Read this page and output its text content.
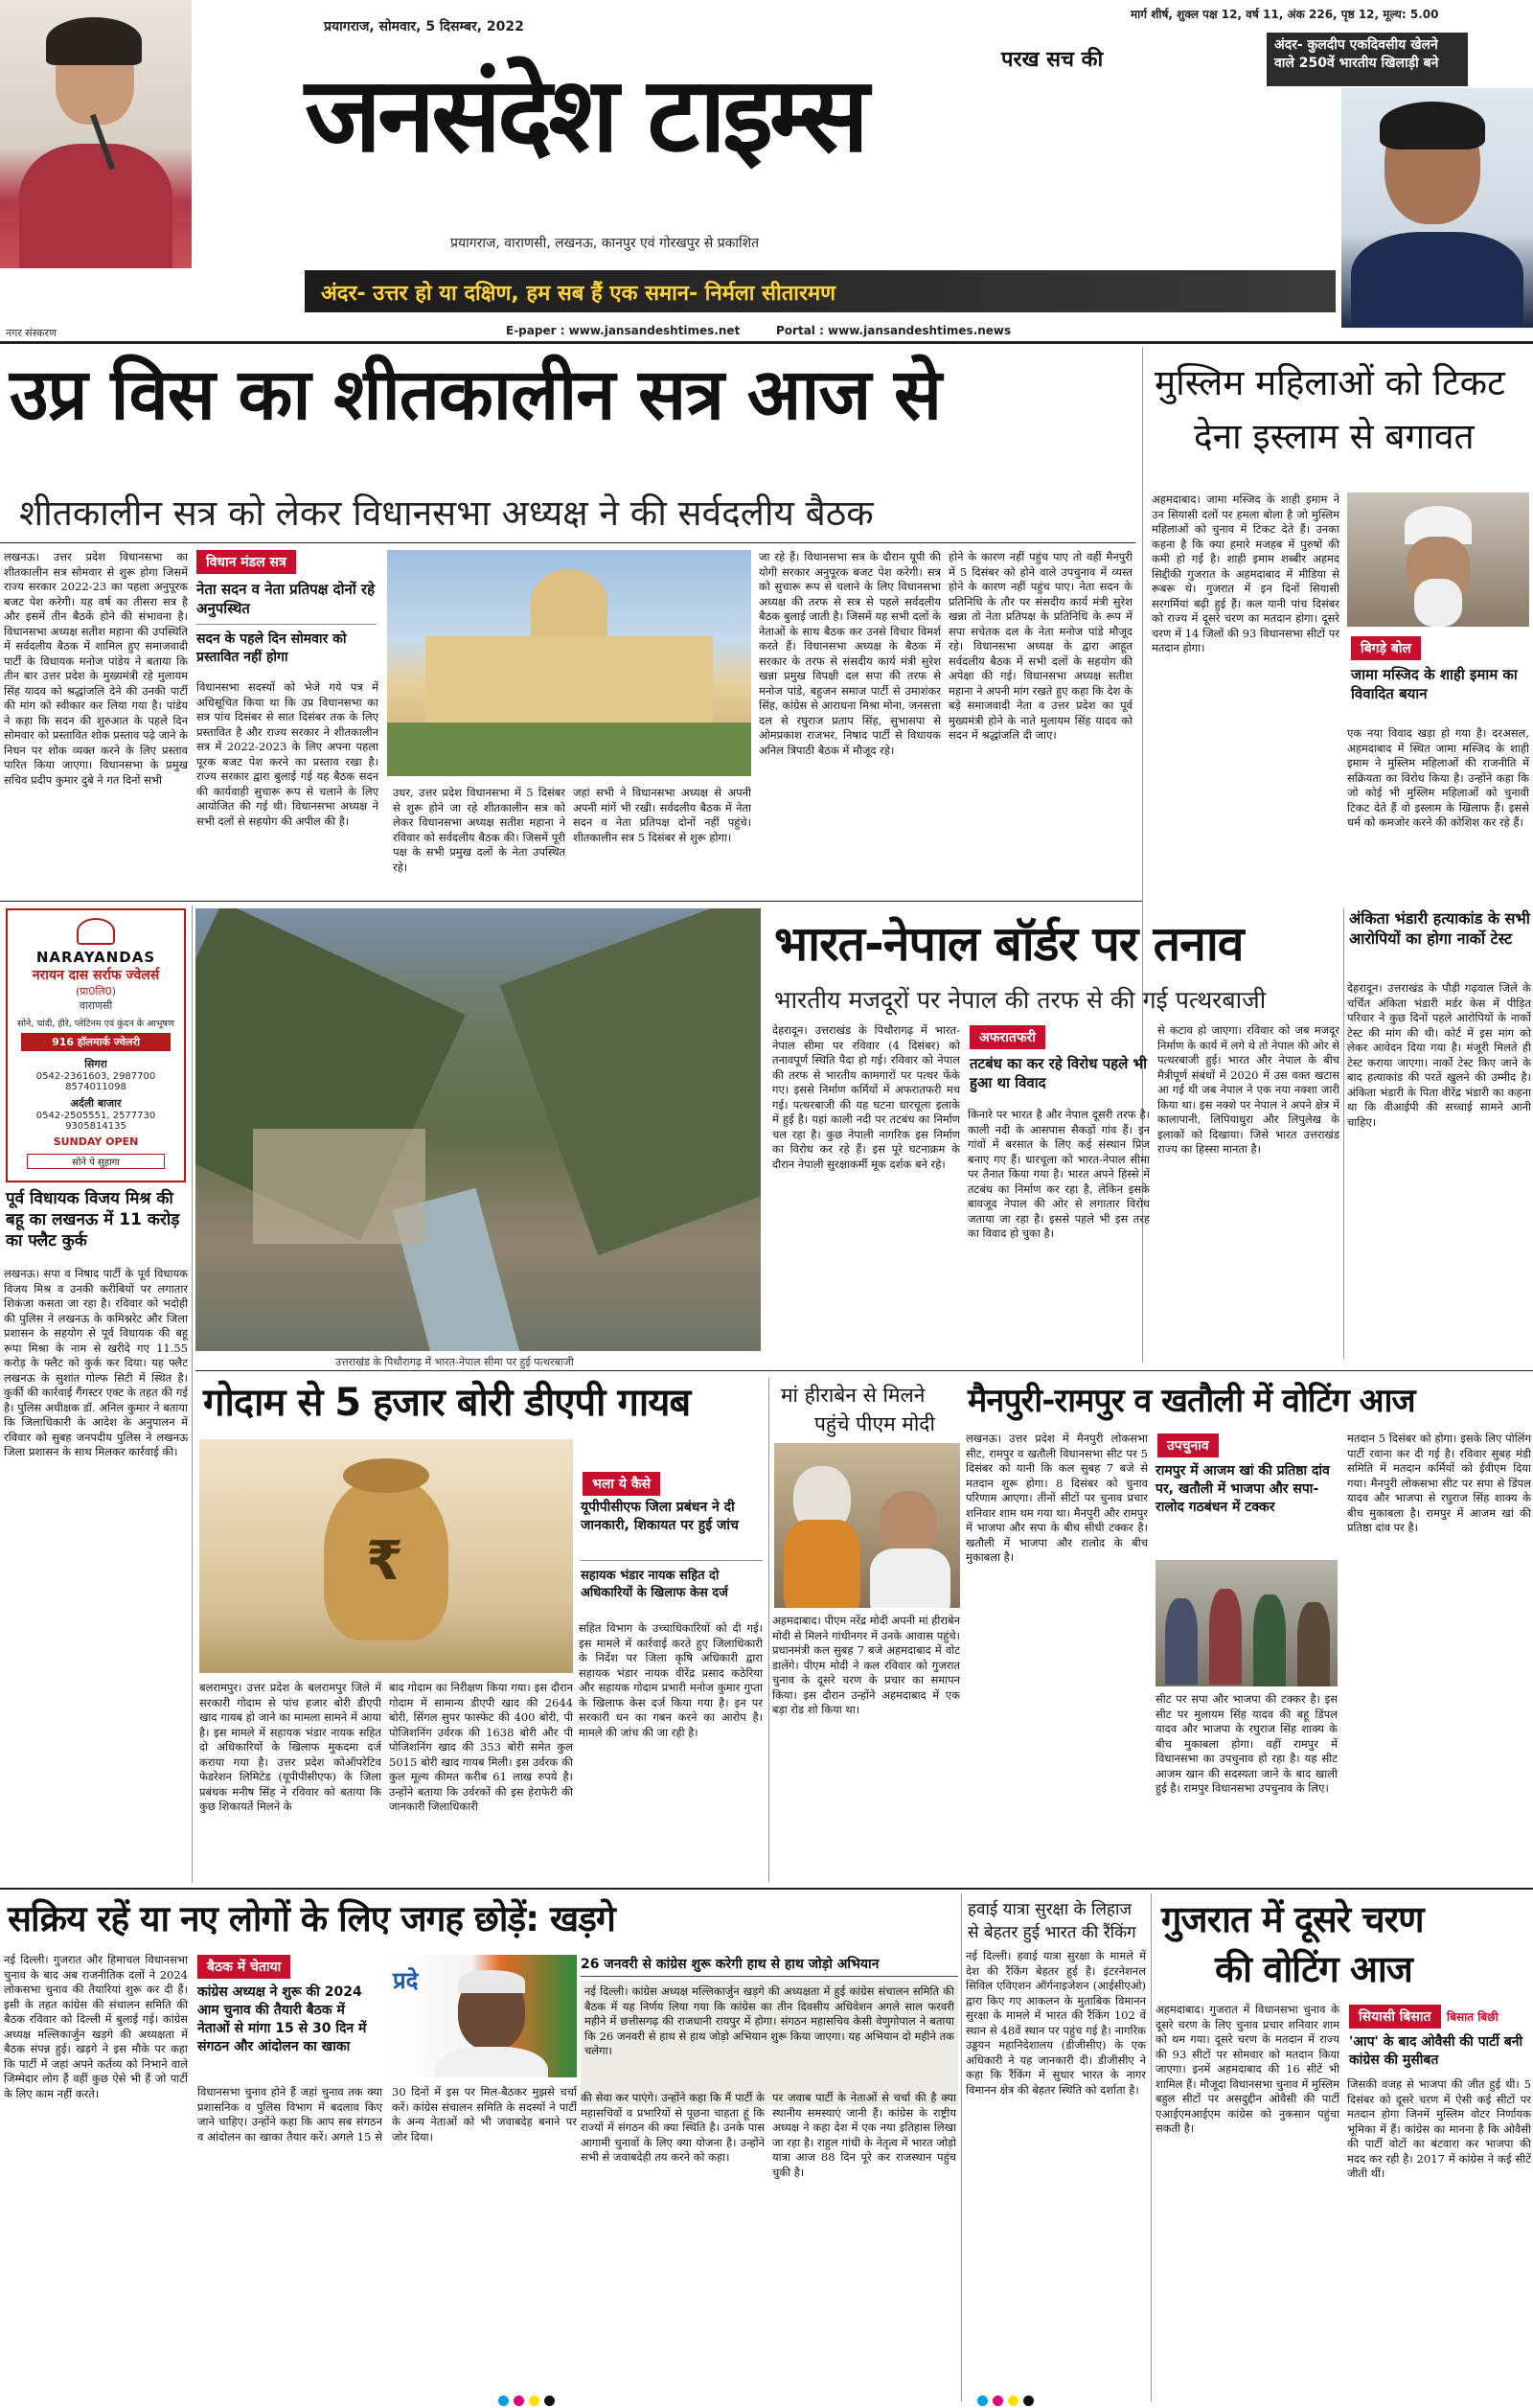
प्रयागराज, सोमवार, 5 दिसम्बर, 2022
मार्ग शीर्ष, शुक्ल पक्ष 12, वर्ष 11, अंक 226, पृष्ठ 12, मूल्य: 5.00
परख सच की
जनसंदेश टाइम्स
अंदर- कुलदीप एकदिवसीय खेलने वाले 250वें भारतीय खिलाड़ी बने
प्रयागराज, वाराणसी, लखनऊ, कानपुर एवं गोरखपुर से प्रकाशित
अंदर- उत्तर हो या दक्षिण, हम सब हैं एक समान- निर्मला सीतारमण
नगर संस्करण	E-paper : www.jansandeshtimes.net	Portal : www.jansandeshtimes.news
उप्र विस का शीतकालीन सत्र आज से
शीतकालीन सत्र को लेकर विधानसभा अध्यक्ष ने की सर्वदलीय बैठक
लखनऊ। उत्तर प्रदेश विधानसभा का शीतकालीन सत्र सोमवार से शुरू होगा जिसमें राज्य सरकार 2022-23 का पहला अनुपूरक बजट पेश करेगी। यह वर्ष का तीसरा सत्र है और इसमें तीन बैठकें होने की संभावना है। विधानसभा अध्यक्ष सतीश महाना की उपस्थिति में सर्वदलीय बैठक में शामिल हुए समाजवादी पार्टी के विधायक मनोज पांडेय ने बताया कि तीन बार उत्तर प्रदेश के मुख्यमंत्री रहे मुलायम सिंह यादव को श्रद्धांजलि देने की उनकी पार्टी की मांग को स्वीकार कर लिया गया है। पांडेय ने कहा कि सदन की शुरुआत के पहले दिन सोमवार को प्रस्तावित शोक प्रस्ताव पढ़े जाने के निधन पर शोक व्यक्त करने के लिए प्रस्ताव पारित किया जाएगा। विधानसभा के प्रमुख सचिव प्रदीप कुमार दुबे ने गत दिनों सभी
विधान मंडल सत्र
नेता सदन व नेता प्रतिपक्ष दोनों रहे अनुपस्थित
सदन के पहले दिन सोमवार को प्रस्तावित नहीं होगा
विधानसभा सदस्यों को भेजे गये पत्र में अधिसूचित किया था कि उप्र विधानसभा का सत्र पांच दिसंबर से सात दिसंबर तक के लिए प्रस्तावित है और राज्य सरकार ने शीतकालीन सत्र में 2022-2023 के लिए अपना पहला पूरक बजट पेश करने का प्रस्ताव रखा है। राज्य सरकार द्वारा बुलाई गई यह बैठक सदन की कार्यवाही सुचारू रूप से चलाने के लिए आयोजित की गई थी। विधानसभा अध्यक्ष ने सभी दलों से सहयोग की अपील की है।
उधर, उत्तर प्रदेश विधानसभा में 5 दिसंबर से शुरू होने जा रहे शीतकालीन सत्र को लेकर विधानसभा अध्यक्ष सतीश महाना ने रविवार को सर्वदलीय बैठक की। जिसमें पूरी पक्ष के सभी प्रमुख दलों के नेता उपस्थित रहे।
जहां सभी ने विधानसभा अध्यक्ष से अपनी अपनी मांगें भी रखी। सर्वदलीय बैठक में नेता सदन व नेता प्रतिपक्ष दोनों नहीं पहुंचे। शीतकालीन सत्र 5 दिसंबर से शुरू होगा।
जा रहे हैं। विधानसभा सत्र के दौरान यूपी की योगी सरकार अनुपूरक बजट पेश करेगी। सत्र को सुचारू रूप से चलाने के लिए विधानसभा अध्यक्ष की तरफ से सत्र से पहले सर्वदलीय बैठक बुलाई जाती है। जिसमें यह सभी दलों के नेताओं के साथ बैठक कर उनसे विचार विमर्श करते हैं। विधानसभा अध्यक्ष के बैठक में सरकार के तरफ से संसदीय कार्य मंत्री सुरेश खन्ना प्रमुख विपक्षी दल सपा की तरफ से मनोज पांडे, बहुजन समाज पार्टी से उमाशंकर सिंह, कांग्रेस से आराधना मिश्रा मोना, जनसत्ता दल से रघुराज प्रताप सिंह, सुभासपा से ओमप्रकाश राजभर, निषाद पार्टी से विधायक अनिल त्रिपाठी बैठक में मौजूद रहे।
होने के कारण नहीं पहुंच पाए तो वहीं मैनपुरी में 5 दिसंबर को होने वाले उपचुनाव में व्यस्त होने के कारण नहीं पहुंच पाए। नेता सदन के प्रतिनिधि के तौर पर संसदीय कार्य मंत्री सुरेश खन्ना तो नेता प्रतिपक्ष के प्रतिनिधि के रूप में सपा सचेतक दल के नेता मनोज पांडे मौजूद रहे। विधानसभा अध्यक्ष के द्वारा आहूत सर्वदलीय बैठक में सभी दलों के सहयोग की अपेक्षा की गई। विधानसभा अध्यक्ष सतीश महाना ने अपनी मांग रखते हुए कहा कि देश के बड़े समाजवादी नेता व उत्तर प्रदेश का पूर्व मुख्यमंत्री होने के नाते मुलायम सिंह यादव को सदन में श्रद्धांजलि दी जाए।
मुस्लिम महिलाओं को टिकट
देना इस्लाम से बगावत
अहमदाबाद। जामा मस्जिद के शाही इमाम ने उन सियासी दलों पर हमला बोला है जो मुस्लिम महिलाओं को चुनाव में टिकट देते हैं। उनका कहना है कि क्या हमारे मजहब में पुरुषों की कमी हो गई है। शाही इमाम शब्बीर अहमद सिद्दीकी गुजरात के अहमदाबाद में मीडिया से रूबरू थे। गुजरात में इन दिनों सियासी सरगर्मियां बढ़ी हुई हैं। कल यानी पांच दिसंबर को राज्य में दूसरे चरण का मतदान होगा। दूसरे चरण में 14 जिलों की 93 विधानसभा सीटों पर मतदान होगा।	बिगड़े बोल
जामा मस्जिद के शाही इमाम का विवादित बयान
एक नया विवाद खड़ा हो गया है। दरअसल, अहमदाबाद में स्थित जामा मस्जिद के शाही इमाम ने मुस्लिम महिलाओं की राजनीति में सक्रियता का विरोध किया है। उन्होंने कहा कि जो कोई भी मुस्लिम महिलाओं को चुनावी टिकट देते हैं वो इस्लाम के खिलाफ हैं। इससे धर्म को कमजोर करने की कोशिश कर रहे हैं।
NARAYANDAS
नरायन दास सर्राफ ज्वेलर्स
(प्रा0लि0)
वाराणसी
सोने, चांदी, हीरे, प्लेटिनम एवं कुंदन के आभूषण
916 हॉलमार्क ज्वेलरी
सिगरा
0542-2361603, 2987700 8574011098
अर्दली बाजार
0542-2505551, 2577730 9305814135
SUNDAY OPEN
सोने पे सुहागा
पूर्व विधायक विजय मिश्र की बहू का लखनऊ में 11 करोड़ का फ्लैट कुर्क
लखनऊ। सपा व निषाद पार्टी के पूर्व विधायक विजय मिश्र व उनकी करीबियों पर लगातार शिकंजा कसता जा रहा है। रविवार को भदोही की पुलिस ने लखनऊ के कमिश्नरेट और जिला प्रशासन के सहयोग से पूर्व विधायक की बहू रूपा मिश्रा के नाम से खरीदे गए 11.55 करोड़ के फ्लैट को कुर्क कर दिया। यह फ्लैट लखनऊ के सुशांत गोल्फ सिटी में स्थित है। कुर्की की कार्रवाई गैंगस्टर एक्ट के तहत की गई है। पुलिस अधीक्षक डॉ. अनिल कुमार ने बताया कि जिलाधिकारी के आदेश के अनुपालन में रविवार को सुबह जनपदीय पुलिस ने लखनऊ जिला प्रशासन के साथ मिलकर कार्रवाई की।
उत्तराखंड के पिथौरागढ़ में भारत-नेपाल सीमा पर हुई पत्थरबाजी
भारत-नेपाल बॉर्डर पर तनाव
भारतीय मजदूरों पर नेपाल की तरफ से की गई पत्थरबाजी
देहरादून। उत्तराखंड के पिथौरागढ़ में भारत-नेपाल सीमा पर रविवार (4 दिसंबर) को तनावपूर्ण स्थिति पैदा हो गई। रविवार को नेपाल की तरफ से भारतीय कामगारों पर पत्थर फेंके गए। इससे निर्माण कर्मियों में अफरातफरी मच गई। पत्थरबाजी की यह घटना धारचूला इलाके में हुई है। यहां काली नदी पर तटबंध का निर्माण चल रहा है। कुछ नेपाली नागरिक इस निर्माण का विरोध कर रहे हैं। इस पूरे घटनाक्रम के दौरान नेपाली सुरक्षाकर्मी मूक दर्शक बने रहे।
अफरातफरी
तटबंध का कर रहे विरोध पहले भी हुआ था विवाद
किनारे पर भारत है और नेपाल दूसरी तरफ है। काली नदी के आसपास सैकड़ों गांव हैं। इन गांवों में बरसात के लिए कई संस्थान प्रिज बनाए गए हैं। धारचूला को भारत-नेपाल सीमा पर तैनात किया गया है। भारत अपने हिस्से में तटबंध का निर्माण कर रहा है, लेकिन इसके बावजूद नेपाल की ओर से लगातार विरोध जताया जा रहा है। इससे पहले भी इस तरह का विवाद हो चुका है।
से कटाव हो जाएगा। रविवार को जब मजदूर निर्माण के कार्य में लगे थे तो नेपाल की ओर से पत्थरबाजी हुई। भारत और नेपाल के बीच मैत्रीपूर्ण संबंधों में 2020 में उस वक्त खटास आ गई थी जब नेपाल ने एक नया नक्शा जारी किया था। इस नक्शे पर नेपाल ने अपने क्षेत्र में कालापानी, लिपियाधुरा और लिपुलेख के इलाकों को दिखाया। जिसे भारत उत्तराखंड राज्य का हिस्सा मानता है।
अंकिता भंडारी हत्याकांड के सभी आरोपियों का होगा नार्को टेस्ट
देहरादून। उत्तराखंड के पौड़ी गढ़वाल जिले के चर्चित अंकिता भंडारी मर्डर केस में पीड़ित परिवार ने कुछ दिनों पहले आरोपियों के नार्को टेस्ट की मांग की थी। कोर्ट में इस मांग को लेकर आवेदन दिया गया है। मंजूरी मिलते ही टेस्ट कराया जाएगा। नार्को टेस्ट किए जाने के बाद हत्याकांड की परतें खुलने की उम्मीद है। अंकिता भंडारी के पिता वीरेंद्र भंडारी का कहना था कि वीआईपी की सच्चाई सामने आनी चाहिए।
गोदाम से 5 हजार बोरी डीएपी गायब
₹
भला ये कैसे
यूपीपीसीएफ जिला प्रबंधन ने दी जानकारी, शिकायत पर हुई जांच
सहायक भंडार नायक सहित दो अधिकारियों के खिलाफ केस दर्ज
बलरामपुर। उत्तर प्रदेश के बलरामपुर जिले में सरकारी गोदाम से पांच हजार बोरी डीएपी खाद गायब हो जाने का मामला सामने में आया है। इस मामले में सहायक भंडार नायक सहित दो अधिकारियों के खिलाफ मुकदमा दर्ज कराया गया है। उत्तर प्रदेश कोऑपरेटिव फेडरेशन लिमिटेड (यूपीपीसीएफ) के जिला प्रबंधक मनीष सिंह ने रविवार को बताया कि कुछ शिकायतें मिलने के
बाद गोदाम का निरीक्षण किया गया। इस दौरान गोदाम में सामान्य डीएपी खाद की 2644 बोरी, सिंगल सुपर फास्फेट की 400 बोरी, पी पोजिशनिंग उर्वरक की 1638 बोरी और पी पोजिशनिंग खाद की 353 बोरी समेत कुल 5015 बोरी खाद गायब मिली। इस उर्वरक की कुल मूल्य कीमत करीब 61 लाख रुपये है। उन्होंने बताया कि उर्वरकों की इस हेराफेरी की जानकारी जिलाधिकारी
सहित विभाग के उच्चाधिकारियों को दी गई। इस मामले में कार्रवाई करते हुए जिलाधिकारी के निर्देश पर जिला कृषि अधिकारी द्वारा सहायक भंडार नायक वीरेंद्र प्रसाद कठेरिया और सहायक गोदाम प्रभारी मनोज कुमार गुप्ता के खिलाफ केस दर्ज किया गया है। इन पर सरकारी धन का गबन करने का आरोप है। मामले की जांच की जा रही है।
मां हीराबेन से मिलने
पहुंचे पीएम मोदी
अहमदाबाद। पीएम नरेंद्र मोदी अपनी मां हीराबेन मोदी से मिलने गांधीनगर में उनके आवास पहुंचे। प्रधानमंत्री कल सुबह 7 बजे अहमदाबाद में वोट डालेंगे। पीएम मोदी ने कल रविवार को गुजरात चुनाव के दूसरे चरण के प्रचार का समापन किया। इस दौरान उन्होंने अहमदाबाद में एक बड़ा रोड शो किया था।
मैनपुरी-रामपुर व खतौली में वोटिंग आज
लखनऊ। उत्तर प्रदेश में मैनपुरी लोकसभा सीट, रामपुर व खतौली विधानसभा सीट पर 5 दिसंबर को यानी कि कल सुबह 7 बजे से मतदान शुरू होगा। 8 दिसंबर को चुनाव परिणाम आएगा। तीनों सीटों पर चुनाव प्रचार शनिवार शाम थम गया था। मैनपुरी और रामपुर में भाजपा और सपा के बीच सीधी टक्कर है। खतौली में भाजपा और रालोद के बीच मुकाबला है।
उपचुनाव
रामपुर में आजम खां की प्रतिष्ठा दांव पर, खतौली में भाजपा और सपा-रालोद गठबंधन में टक्कर
सीट पर सपा और भाजपा की टक्कर है। इस सीट पर मुलायम सिंह यादव की बहू डिंपल यादव और भाजपा के रघुराज सिंह शाक्य के बीच मुकाबला होगा। वहीं रामपुर में विधानसभा का उपचुनाव हो रहा है। यह सीट आजम खान की सदस्यता जाने के बाद खाली हुई है। रामपुर विधानसभा उपचुनाव के लिए।
मतदान 5 दिसंबर को होगा। इसके लिए पोलिंग पार्टी रवाना कर दी गई है। रविवार सुबह मंडी समिति में मतदान कर्मियों को ईवीएम दिया गया। मैनपुरी लोकसभा सीट पर सपा से डिंपल यादव और भाजपा से रघुराज सिंह शाक्य के बीच मुकाबला है। रामपुर में आजम खां की प्रतिष्ठा दांव पर है।
सक्रिय रहें या नए लोगों के लिए जगह छोड़ें: खड़गे
नई दिल्ली। गुजरात और हिमाचल विधानसभा चुनाव के बाद अब राजनीतिक दलों ने 2024 लोकसभा चुनाव की तैयारियां शुरू कर दी हैं। इसी के तहत कांग्रेस की संचालन समिति की बैठक रविवार को दिल्ली में बुलाई गई। कांग्रेस अध्यक्ष मल्लिकार्जुन खड़गे की अध्यक्षता में बैठक संपन्न हुई। खड़गे ने इस मौके पर कहा कि पार्टी में जहां अपने कर्तव्य को निभाने वाले जिम्मेदार लोग हैं वहीं कुछ ऐसे भी हैं जो पार्टी के लिए काम नहीं करते।
बैठक में चेताया
कांग्रेस अध्यक्ष ने शुरू की 2024 आम चुनाव की तैयारी बैठक में नेताओं से मांगा 15 से 30 दिन में संगठन और आंदोलन का खाका
प्रदे
विधानसभा चुनाव होने हैं जहां चुनाव तक क्या प्रशासनिक व पुलिस विभाग में बदलाव किए जाने चाहिए। उन्होंने कहा कि आप सब संगठन व आंदोलन का खाका तैयार करें। अगले 15 से 30 दिनों में इस पर मिल-बैठकर मुझसे चर्चा करें। कांग्रेस संचालन समिति के सदस्यों ने पार्टी के अन्य नेताओं को भी जवाबदेह बनाने पर जोर दिया।
26 जनवरी से कांग्रेस शुरू करेगी हाथ से हाथ जोड़ो अभियान
नई दिल्ली। कांग्रेस अध्यक्ष मल्लिकार्जुन खड़गे की अध्यक्षता में हुई कांग्रेस संचालन समिति की बैठक में यह निर्णय लिया गया कि कांग्रेस का तीन दिवसीय अधिवेशन अगले साल फरवरी महीने में छत्तीसगढ़ की राजधानी रायपुर में होगा। संगठन महासचिव केसी वेणुगोपाल ने बताया कि 26 जनवरी से हाथ से हाथ जोड़ो अभियान शुरू किया जाएगा। यह अभियान दो महीने तक चलेगा।
की सेवा कर पाएंगे। उन्होंने कहा कि मैं पार्टी के महासचिवों व प्रभारियों से पूछना चाहता हूं कि राज्यों में संगठन की क्या स्थिति है। उनके पास आगामी चुनावों के लिए क्या योजना है। उन्होंने सभी से जवाबदेही तय करने को कहा।
पर जवाब पार्टी के नेताओं से चर्चा की है क्या स्थानीय समस्याएं जानी हैं। कांग्रेस के राष्ट्रीय अध्यक्ष ने कहा देश में एक नया इतिहास लिखा जा रहा है। राहुल गांधी के नेतृत्व में भारत जोड़ो यात्रा आज 88 दिन पूरे कर राजस्थान पहुंच चुकी है।
हवाई यात्रा सुरक्षा के लिहाज
से बेहतर हुई भारत की रैंकिंग
नई दिल्ली। हवाई यात्रा सुरक्षा के मामले में देश की रैंकिंग बेहतर हुई है। इंटरनेशनल सिविल एविएशन ऑर्गनाइजेशन (आईसीएओ) द्वारा किए गए आकलन के मुताबिक विमानन सुरक्षा के मामले में भारत की रैंकिंग 102 वें स्थान से 48वें स्थान पर पहुंच गई है। नागरिक उड्डयन महानिदेशालय (डीजीसीए) के एक अधिकारी ने यह जानकारी दी। डीजीसीए ने कहा कि रैंकिंग में सुधार भारत के नागर विमानन क्षेत्र की बेहतर स्थिति को दर्शाता है।
गुजरात में दूसरे चरण
की वोटिंग आज
अहमदाबाद। गुजरात में विधानसभा चुनाव के दूसरे चरण के लिए चुनाव प्रचार शनिवार शाम को थम गया। दूसरे चरण के मतदान में राज्य की 93 सीटों पर सोमवार को मतदान किया जाएगा। इनमें अहमदाबाद की 16 सीटें भी शामिल हैं। मौजूदा विधानसभा चुनाव में मुस्लिम बहुल सीटों पर असदुद्दीन ओवैसी की पार्टी एआईएमआईएम कांग्रेस को नुकसान पहुंचा सकती है।
सियासी बिसात	बिसात बिछी
'आप' के बाद ओवैसी की पार्टी बनी कांग्रेस की मुसीबत
जिसकी वजह से भाजपा की जीत हुई थी। 5 दिसंबर को दूसरे चरण में ऐसी कई सीटों पर मतदान होगा जिनमें मुस्लिम वोटर निर्णायक भूमिका में हैं। कांग्रेस का मानना है कि ओवैसी की पार्टी वोटों का बंटवारा कर भाजपा की मदद कर रही है। 2017 में कांग्रेस ने कई सीटें जीती थीं।
